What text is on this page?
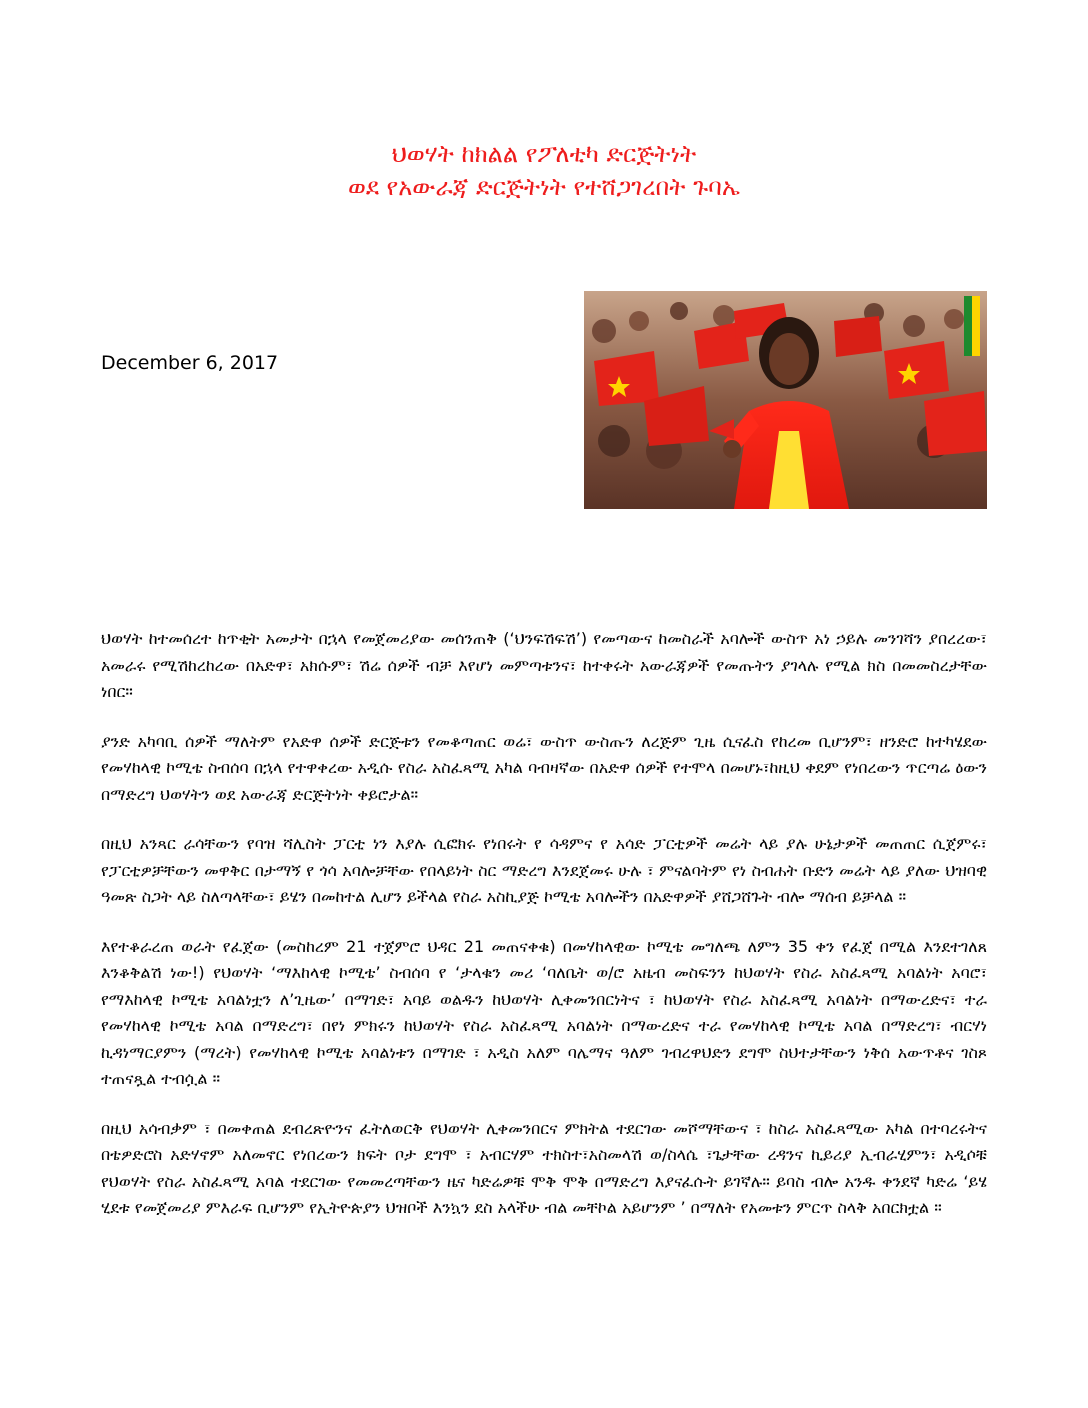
ህወሃት ከክልል የፖለቲካ ድርጅትነት
ወደ የአውራጃ ድርጅትነት የተሸጋገረበት ጉባኤ
December 6, 2017

ህወሃት ከተመሰረተ ከጥቂት አመታት በኋላ የመጀመሪያው መሰንጠቅ (‘ህንፍሽፍሽ’) የመጣውና ከመስራች አባሎች ውስጥ አነ ኃይሉ መንገሻን ያበረረው፣ አመራሩ የሚሽከረከረው በአድዋ፣ አክሱም፣ ሽሬ ሰዎች ብቻ እየሆነ መምጣቱንና፣ ከተቀሩት አውራጃዎች የመጡትን ያገላሉ የሚል ክስ በመመስረታቸው ነበር።

ያንድ አካባቢ ሰዎች ማለትም የአድዋ ሰዎች ድርጅቱን የመቆጣጠር ወሬ፣ ውስጥ ውስጡን ለረጅም ጊዜ ሲናፈስ የከረመ ቢሆንም፣ ዘንድሮ ከተካሄደው የመሃከላዊ ኮሚቴ ስብሰባ በኋላ የተዋቀረው አዲሱ የስራ አስፈጻሚ አካል ባብዛኛው በአድዋ ሰዎች የተሞላ በመሆኑ፣ከዚህ ቀደም የነበረውን ጥርጣሬ ዕውን በማድረግ ህወሃትን ወደ አውራጃ ድርጅትነት ቀይሮታል።

በዚህ አንጻር ራሳቸውን የባዝ ሻሊስት ፓርቲ ነን እያሉ ሲፎክሩ የነበሩት የ ሳዳምና የ አሳድ ፓርቲዎች መሬት ላይ ያሉ ሁኔታዎች መጠጠር ሲጀምሩ፣ የፓርቲዎቻቸውን መዋቅር በታማኝ የ ጎሳ አባሎቻቸው የበላይነት ስር ማድረግ እንደጀመሩ ሁሉ ፣ ምናልባትም የነ ስብሐት ቡድን መሬት ላይ ያለው ህዝባዊ ዓመጽ ስጋት ላይ ስለጣላቸው፣ ይሄን በመከተል ሊሆን ይችላል የስራ አስኪያጅ ኮሚቴ አባሎችን በአድዋዎች ያሸጋሸጉት ብሎ ማሰብ ይቻላል ።

እየተቆራረጠ ወራት የፈጀው (መስከረም 21 ተጀምሮ ህዳር 21 መጠናቀቁ) በመሃከላዊው ኮሚቴ መግለጫ ለምን 35 ቀን የፈጀ በሚል እንደተገለጸ እንቆቅልሽ ነው!) የህወሃት ‘ማእከላዊ ኮሚቴ’ ስብሰባ የ ‘ታላቁን መሪ ‘ባለቤት ወ/ሮ አዜብ መስፍንን ከህወሃት የስራ አስፈጻሚ አባልነት አባሮ፣ የማእከላዊ ኮሚቴ አባልነቷን ለ’ጊዜው’ በማገድ፣ አባይ ወልዱን ከህወሃት ሊቀመንበርነትና ፣ ከህወሃት የስራ አስፈጻሚ አባልነት በማውረድና፣ ተራ የመሃከላዊ ኮሚቴ አባል በማድረግ፣ በየነ ምክሩን ከህወሃት የስራ አስፈጻሚ አባልነት በማውረድና ተራ የመሃከላዊ ኮሚቴ አባል በማድረግ፣ ብርሃነ ኪዳነማርያምን (ማረት) የመሃከላዊ ኮሚቴ አባልነቱን በማገድ ፣ አዲስ አለም ባሌማና ዓለም ገብረዋህድን ደግሞ ስህተታቸውን ነቅሰ አውጥቶና ገስጾ ተጠናጿል ተብሷል ።

በዚህ አሳብቃም ፣ በመቀጠል ደብረጽዮንና ፈትለወርቅ የህወሃት ሊቀመንበርና ምክትል ተደርገው መሾማቸውና ፣ ከስራ አስፈጻሚው አካል በተባረሩትና በቴዎድሮስ አድሃኖም አለመኖር የነበረውን ክፍት ቦታ ደግሞ ፣ አብርሃም ተክስተ፣አስመላሽ ወ/ስላሴ ፣ጌታቸው ረዳንና ኪይሪያ ኢብራሂምን፣ አዲሶቹ የህወሃት የስራ አስፈጻሚ አባል ተደርገው የመመረጣቸውን ዜና ካድሬዎቹ ሞቅ ሞቅ በማድረግ እያናፈሱት ይገኛሉ። ይባስ ብሎ አንዱ ቀንደኛ ካድሬ ‘ይሄ ሂደቱ የመጀመሪያ ምእራፍ ቢሆንም የኢትዮጵያን ህዝቦች እንኳን ደስ አላችሁ ብል መቸኮል አይሆንም ’ በማለት የአመቱን ምርጥ ስላቅ አበርክቷል ።
